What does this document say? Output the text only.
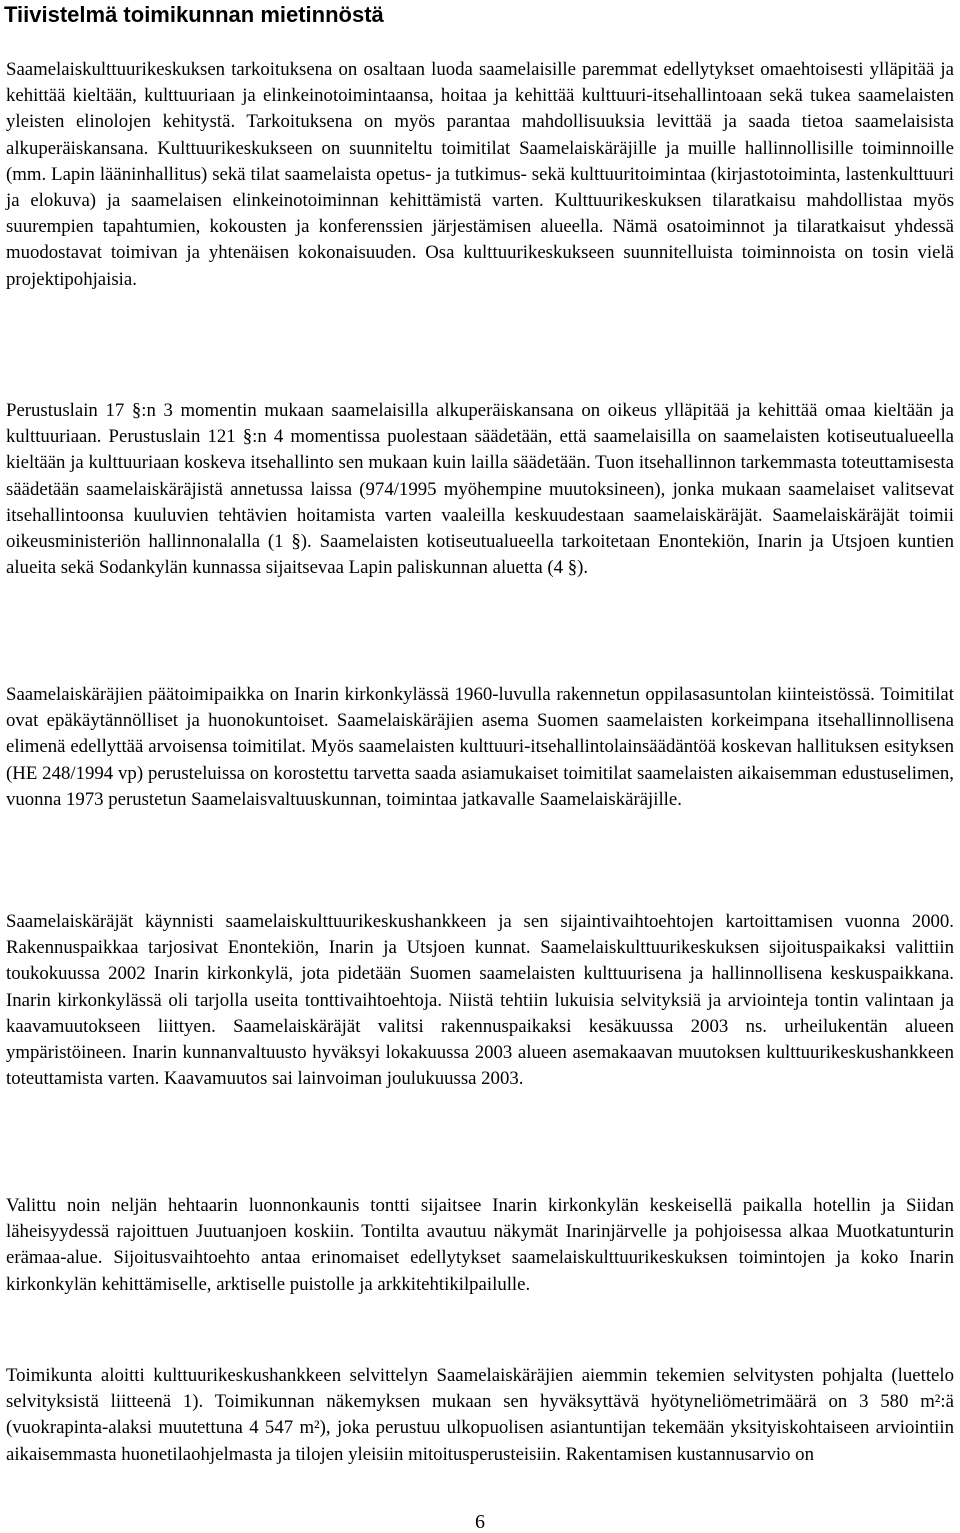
Tiivistelmä toimikunnan mietinnöstä

Saamelaiskulttuurikeskuksen tarkoituksena on osaltaan luoda saamelaisille paremmat edellytykset omaehtoisesti ylläpitää ja kehittää kieltään, kulttuuriaan ja elinkeinotoimintaansa, hoitaa ja kehittää kulttuuri-itsehallintoaan sekä tukea saamelaisten yleisten elinolojen kehitystä. Tarkoituksena on myös parantaa mahdollisuuksia levittää ja saada tietoa saamelaisista alkuperäiskansana. Kulttuurikeskukseen on suunniteltu toimitilat Saamelaiskäräjille ja muille hallinnollisille toiminnoille (mm. Lapin lääninhallitus) sekä tilat saamelaista opetus- ja tutkimus- sekä kulttuuritoimintaa (kirjastotoiminta, lastenkulttuuri ja elokuva) ja saamelaisen elinkeinotoiminnan kehittämistä varten. Kulttuurikeskuksen tilaratkaisu mahdollistaa myös suurempien tapahtumien, kokousten ja konferenssien järjestämisen alueella. Nämä osatoiminnot ja tilaratkaisut yhdessä muodostavat toimivan ja yhtenäisen kokonaisuuden. Osa kulttuurikeskukseen suunnitelluista toiminnoista on tosin vielä projektipohjaisia.

Perustuslain 17 §:n 3 momentin mukaan saamelaisilla alkuperäiskansana on oikeus ylläpitää ja kehittää omaa kieltään ja kulttuuriaan. Perustuslain 121 §:n 4 momentissa puolestaan säädetään, että saamelaisilla on saamelaisten kotiseutualueella kieltään ja kulttuuriaan koskeva itsehallinto sen mukaan kuin lailla säädetään. Tuon itsehallinnon tarkemmasta toteuttamisesta säädetään saamelaiskäräjistä annetussa laissa (974/1995 myöhempine muutoksineen), jonka mukaan saamelaiset valitsevat itsehallintoonsa kuuluvien tehtävien hoitamista varten vaaleilla keskuudestaan saamelaiskäräjät. Saamelaiskäräjät toimii oikeusministeriön hallinnonalalla (1 §). Saamelaisten kotiseutualueella tarkoitetaan Enontekiön, Inarin ja Utsjoen kuntien alueita sekä Sodankylän kunnassa sijaitsevaa Lapin paliskunnan aluetta (4 §).

Saamelaiskäräjien päätoimipaikka on Inarin kirkonkylässä 1960-luvulla rakennetun oppilasasuntolan kiinteistössä. Toimitilat ovat epäkäytännölliset ja huonokuntoiset. Saamelaiskäräjien asema Suomen saamelaisten korkeimpana itsehallinnollisena elimenä edellyttää arvoisensa toimitilat. Myös saamelaisten kulttuuri-itsehallintolainsäädäntöä koskevan hallituksen esityksen (HE 248/1994 vp) perusteluissa on korostettu tarvetta saada asiamukaiset toimitilat saamelaisten aikaisemman edustuselimen, vuonna 1973 perustetun Saamelaisvaltuuskunnan, toimintaa jatkavalle Saamelaiskäräjille.

Saamelaiskäräjät käynnisti saamelaiskulttuurikeskushankkeen ja sen sijaintivaihtoehtojen kartoittamisen vuonna 2000. Rakennuspaikkaa tarjosivat Enontekiön, Inarin ja Utsjoen kunnat. Saamelaiskulttuurikeskuksen sijoituspaikaksi valittiin toukokuussa 2002 Inarin kirkonkylä, jota pidetään Suomen saamelaisten kulttuurisena ja hallinnollisena keskuspaikkana. Inarin kirkonkylässä oli tarjolla useita tonttivaihtoehtoja. Niistä tehtiin lukuisia selvityksiä ja arviointeja tontin valintaan ja kaavamuutokseen liittyen. Saamelaiskäräjät valitsi rakennuspaikaksi kesäkuussa 2003 ns. urheilukentän alueen ympäristöineen. Inarin kunnanvaltuusto hyväksyi lokakuussa 2003 alueen asemakaavan muutoksen kulttuurikeskushankkeen toteuttamista varten. Kaavamuutos sai lainvoiman joulukuussa 2003.

Valittu noin neljän hehtaarin luonnonkaunis tontti sijaitsee Inarin kirkonkylän keskeisellä paikalla hotellin ja Siidan läheisyydessä rajoittuen Juutuanjoen koskiin. Tontilta avautuu näkymät Inarinjärvelle ja pohjoisessa alkaa Muotkatunturin erämaa-alue. Sijoitusvaihtoehto antaa erinomaiset edellytykset saamelaiskulttuurikeskuksen toimintojen ja koko Inarin kirkonkylän kehittämiselle, arktiselle puistolle ja arkkitehtikilpailulle.

Toimikunta aloitti kulttuurikeskushankkeen selvittelyn Saamelaiskäräjien aiemmin tekemien selvitysten pohjalta (luettelo selvityksistä liitteenä 1). Toimikunnan näkemyksen mukaan sen hyväksyttävä hyötyneliömetrimäärä on 3 580 m²:ä (vuokrapinta-alaksi muutettuna 4 547 m²), joka perustuu ulkopuolisen asiantuntijan tekemään yksityiskohtaiseen arviointiin aikaisemmasta huonetilaohjelmasta ja tilojen yleisiin mitoitusperusteisiin. Rakentamisen kustannusarvio on

6
